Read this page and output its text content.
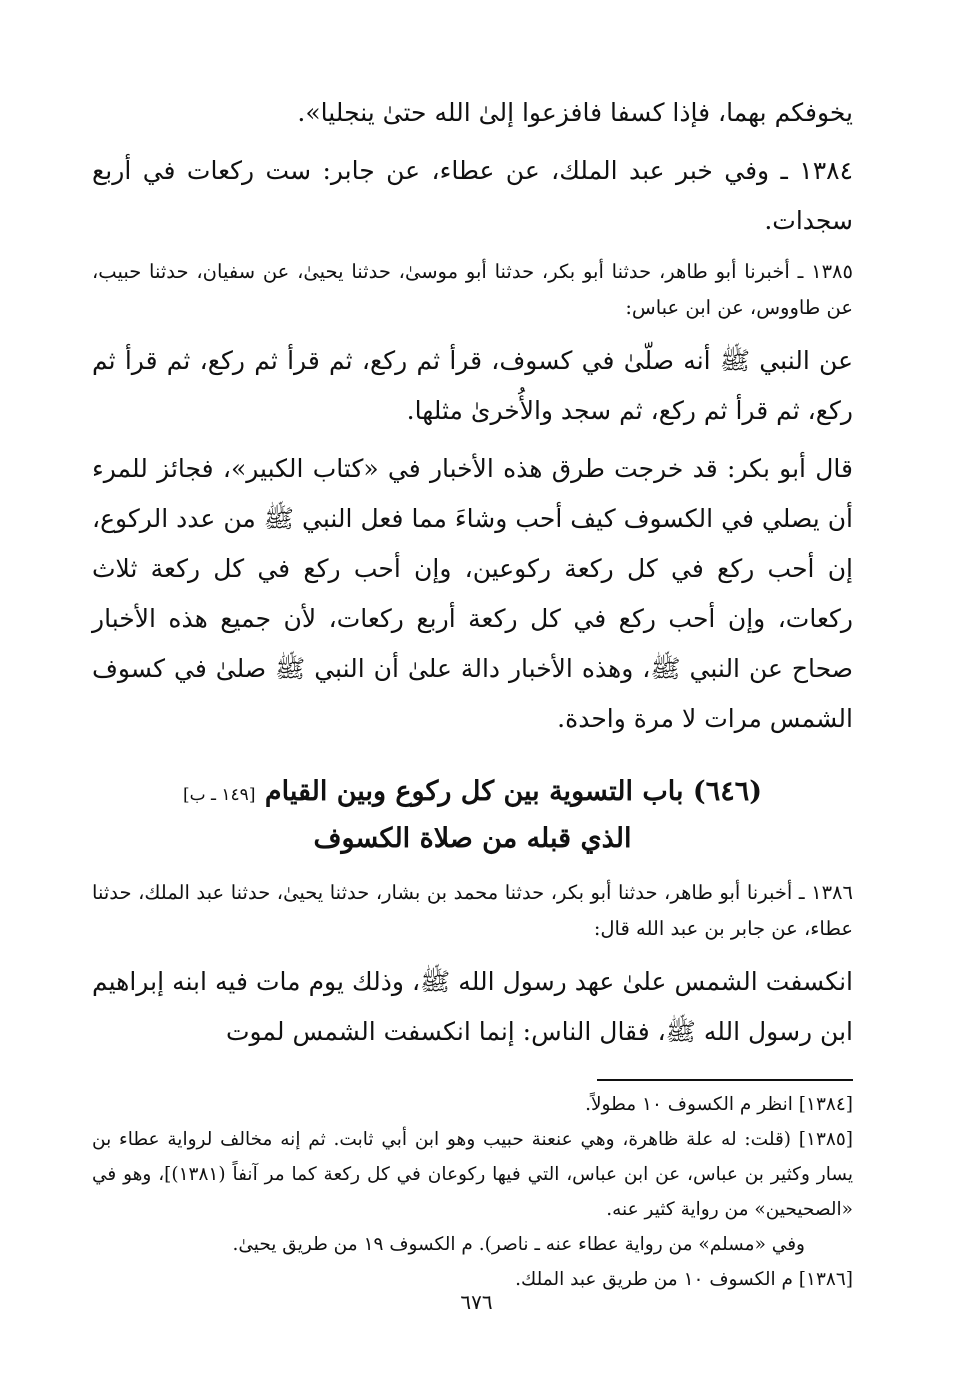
يخوفكم بهما، فإذا كسفا فافزعوا إلىٰ الله حتىٰ ينجليا».

١٣٨٤ ـ وفي خبر عبد الملك، عن عطاء، عن جابر: ست ركعات في أربع سجدات.

١٣٨٥ ـ أخبرنا أبو طاهر، حدثنا أبو بكر، حدثنا أبو موسىٰ، حدثنا يحيىٰ، عن سفيان، حدثنا حبيب، عن طاووس، عن ابن عباس:

عن النبي ﷺ أنه صلّىٰ في كسوف، قرأ ثم ركع، ثم قرأ ثم ركع، ثم قرأ ثم ركع، ثم قرأ ثم ركع، ثم سجد والأُخرىٰ مثلها.

قال أبو بكر: قد خرجت طرق هذه الأخبار في «كتاب الكبير»، فجائز للمرء أن يصلي في الكسوف كيف أحب وشاءَ مما فعل النبي ﷺ من عدد الركوع، إن أحب ركع في كل ركعة ركوعين، وإن أحب ركع في كل ركعة ثلاث ركعات، وإن أحب ركع في كل ركعة أربع ركعات، لأن جميع هذه الأخبار صحاح عن النبي ﷺ، وهذه الأخبار دالة علىٰ أن النبي ﷺ صلىٰ في كسوف الشمس مرات لا مرة واحدة.

(٦٤٦) باب التسوية بين كل ركوع وبين القيام [١٤٩ ـ ب]
الذي قبله من صلاة الكسوف

١٣٨٦ ـ أخبرنا أبو طاهر، حدثنا أبو بكر، حدثنا محمد بن بشار، حدثنا يحيىٰ، حدثنا عبد الملك، حدثنا عطاء، عن جابر بن عبد الله قال:

انكسفت الشمس علىٰ عهد رسول الله ﷺ، وذلك يوم مات فيه ابنه إبراهيم ابن رسول الله ﷺ، فقال الناس: إنما انكسفت الشمس لموت

[١٣٨٤] انظر م الكسوف ١٠ مطولاً.

[١٣٨٥] (قلت: له علة ظاهرة، وهي عنعنة حبيب وهو ابن أبي ثابت. ثم إنه مخالف لرواية عطاء بن يسار وكثير بن عباس، عن ابن عباس، التي فيها ركوعان في كل ركعة كما مر آنفاً (١٣٨١)]، وهو في «الصحيحين» من رواية كثير عنه.

وفي «مسلم» من رواية عطاء عنه ـ ناصر). م الكسوف ١٩ من طريق يحيىٰ.

[١٣٨٦] م الكسوف ١٠ من طريق عبد الملك.

٦٧٦
